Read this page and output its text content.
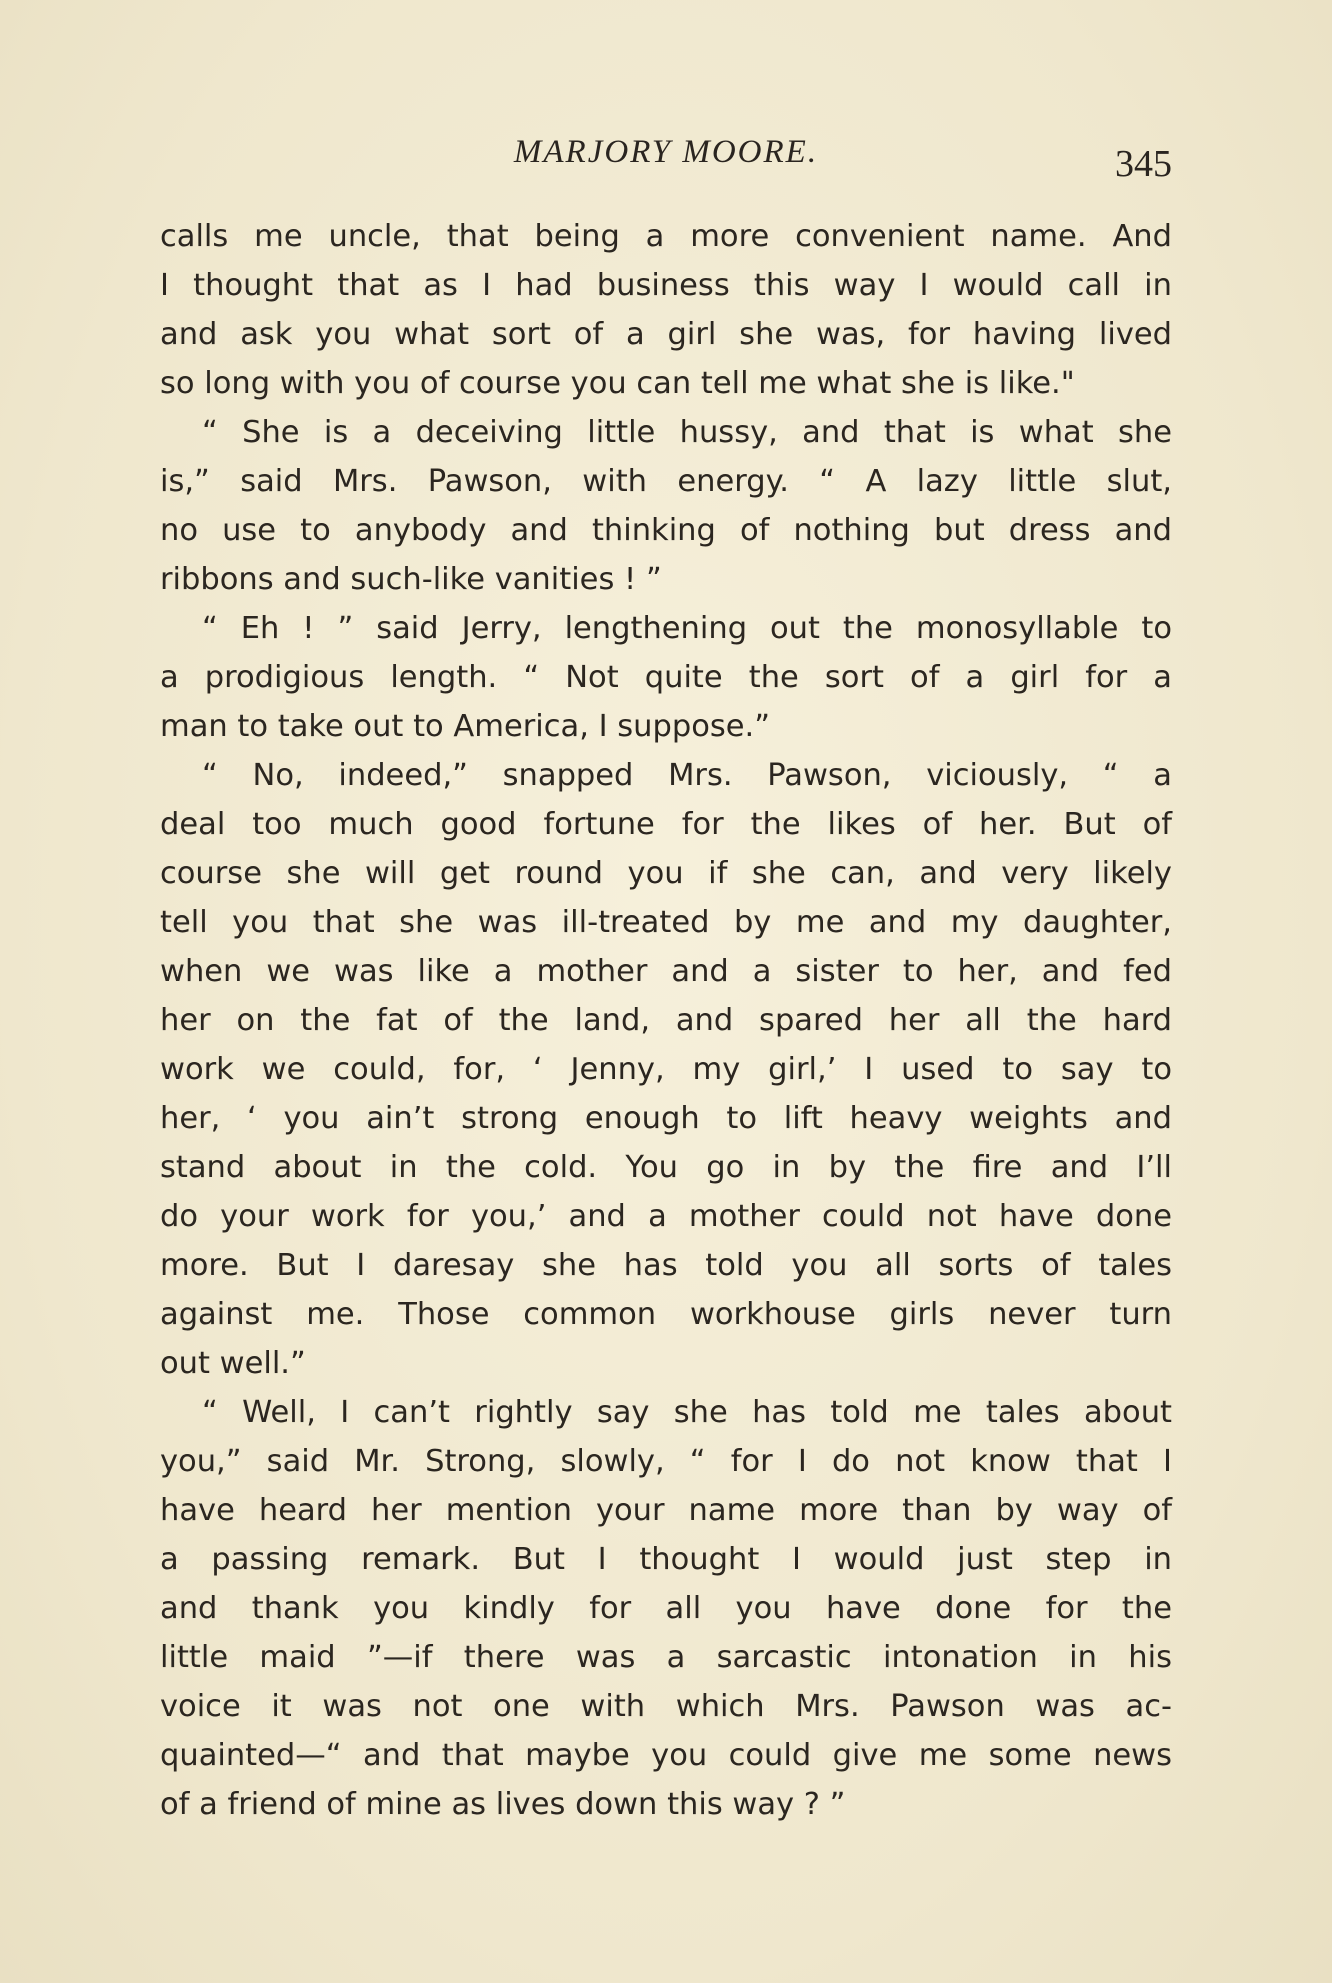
MARJORY MOORE.	345
calls me uncle, that being a more convenient name. And
I thought that as I had business this way I would call in
and ask you what sort of a girl she was, for having lived
so long with you of course you can tell me what she is like."
“ She is a deceiving little hussy, and that is what she
is,” said Mrs. Pawson, with energy. “ A lazy little slut,
no use to anybody and thinking of nothing but dress and
ribbons and such-like vanities ! ”
“ Eh ! ” said Jerry, lengthening out the monosyllable to
a prodigious length. “ Not quite the sort of a girl for a
man to take out to America, I suppose.”
“ No, indeed,” snapped Mrs. Pawson, viciously, “ a
deal too much good fortune for the likes of her. But of
course she will get round you if she can, and very likely
tell you that she was ill-treated by me and my daughter,
when we was like a mother and a sister to her, and fed
her on the fat of the land, and spared her all the hard
work we could, for, ‘ Jenny, my girl,’ I used to say to
her, ‘ you ain’t strong enough to lift heavy weights and
stand about in the cold. You go in by the fire and I’ll
do your work for you,’ and a mother could not have done
more. But I daresay she has told you all sorts of tales
against me. Those common workhouse girls never turn
out well.”
“ Well, I can’t rightly say she has told me tales about
you,” said Mr. Strong, slowly, “ for I do not know that I
have heard her mention your name more than by way of
a passing remark. But I thought I would just step in
and thank you kindly for all you have done for the
little maid ”—if there was a sarcastic intonation in his
voice it was not one with which Mrs. Pawson was ac-
quainted—“ and that maybe you could give me some news
of a friend of mine as lives down this way ? ”
